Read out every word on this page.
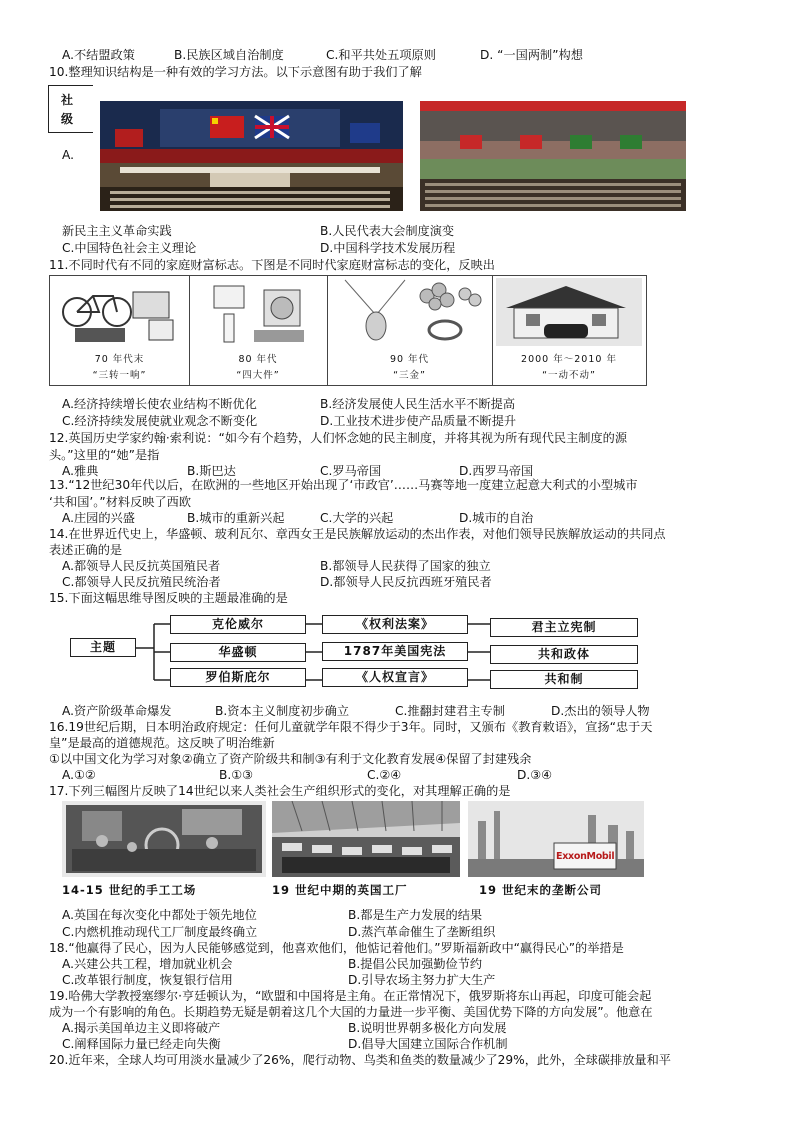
A.不结盟政策	B.民族区域自治制度	C.和平共处五项原则	D. “一国两制”构想
10.整理知识结构是一种有效的学习方法。以下示意图有助于我们了解
社
级
A.
新民主主义革命实践	B.人民代表大会制度演变
C.中国特色社会主义理论	D.中国科学技术发展历程
11.不同时代有不同的家庭财富标志。下图是不同时代家庭财富标志的变化，反映出
70 年代末
“三转一响”
80 年代
“四大件”
90 年代
“三金”
2000 年～2010 年
“一动不动”
A.经济持续增长使农业结构不断优化	B.经济发展使人民生活水平不断提高
C.经济持续发展使就业观念不断变化	D.工业技术进步使产品质量不断提升
12.英国历史学家约翰·索利说：“如今有个趋势，人们怀念她的民主制度，并将其视为所有现代民主制度的源
头。”这里的“她”是指
A.雅典	B.斯巴达	C.罗马帝国	D.西罗马帝国
13.“12世纪30年代以后，在欧洲的一些地区开始出现了‘市政官’……马赛等地一度建立起意大利式的小型城市
‘共和国’。”材料反映了西欧
A.庄园的兴盛	B.城市的重新兴起	C.大学的兴起	D.城市的自治
14.在世界近代史上，华盛顿、玻利瓦尔、章西女王是民族解放运动的杰出作表，对他们领导民族解放运动的共同点
表述正确的是
A.都领导人民反抗英国殖民者	B.都领导人民获得了国家的独立
C.都领导人民反抗殖民统治者	D.都领导人民反抗西班牙殖民者
15.下面这幅思维导图反映的主题最准确的是
主题
克伦威尔	《权利法案》	君主立宪制
华盛顿	1787年美国宪法	共和政体
罗伯斯庇尔	《人权宣言》	共和制
A.资产阶级革命爆发	B.资本主义制度初步确立	C.推翻封建君主专制	D.杰出的领导人物
16.19世纪后期，日本明治政府规定：任何儿童就学年限不得少于3年。同时，又颁布《教育敕语》，宣扬“忠于天
皇”是最高的道德规范。这反映了明治维新
①以中国文化为学习对象②确立了资产阶级共和制③有利于文化教育发展④保留了封建残余
A.①②	B.①③	C.②④	D.③④
17.下列三幅图片反映了14世纪以来人类社会生产组织形式的变化，对其理解正确的是
ExxonMobil
14-15 世纪的手工工场	19 世纪中期的英国工厂	19 世纪末的垄断公司
A.英国在每次变化中都处于领先地位	B.都是生产力发展的结果
C.内燃机推动现代工厂制度最终确立	D.蒸汽革命催生了垄断组织
18.“他赢得了民心，因为人民能够感觉到，他喜欢他们，他惦记着他们。”罗斯福新政中“赢得民心”的举措是
A.兴建公共工程，增加就业机会	B.提倡公民加强勤俭节约
C.改革银行制度，恢复银行信用	D.引导农场主努力扩大生产
19.哈佛大学教授塞缪尔·亨廷顿认为，“欧盟和中国将是主角。在正常情况下，俄罗斯将东山再起，印度可能会起
成为一个有影响的角色。长期趋势无疑是朝着这几个大国的力量进一步平衡、美国优势下降的方向发展”。他意在
A.揭示美国单边主义即将破产	B.说明世界朝多极化方向发展
C.阐释国际力量已经走向失衡	D.倡导大国建立国际合作机制
20.近年来，全球人均可用淡水量减少了26%，爬行动物、鸟类和鱼类的数量减少了29%，此外，全球碳排放量和平
